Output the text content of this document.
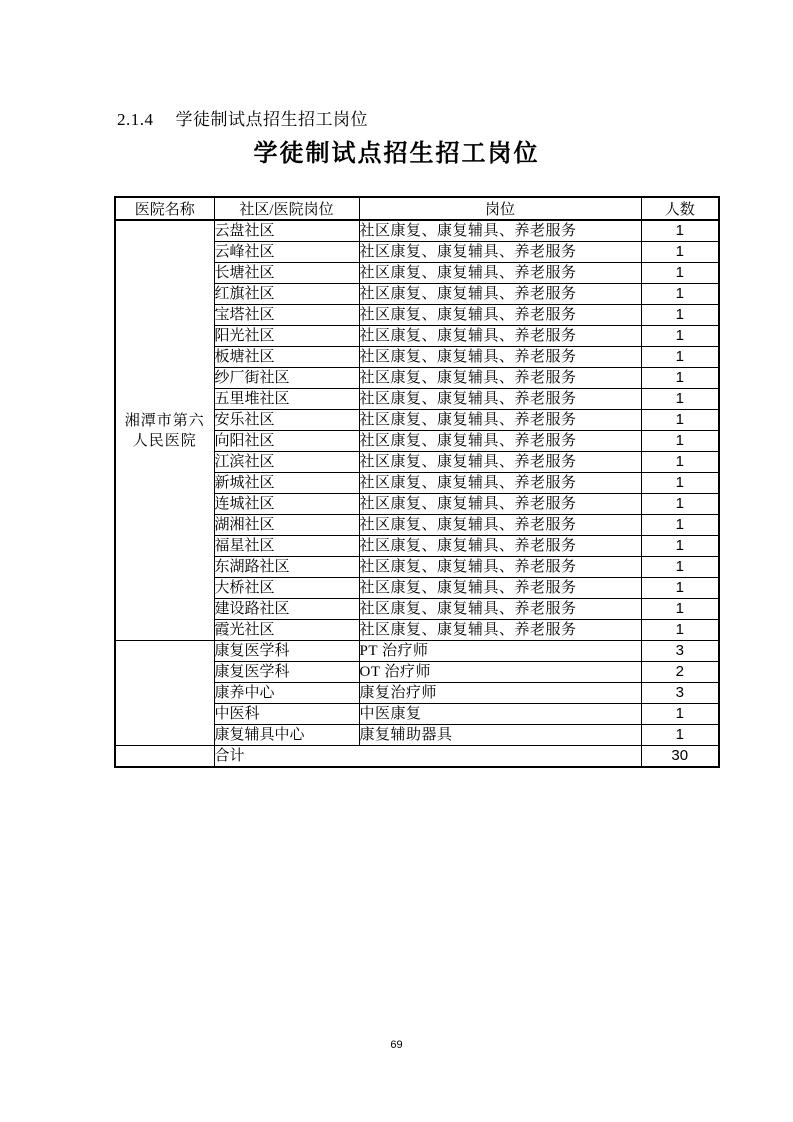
2.1.4 学徒制试点招生招工岗位
学徒制试点招生招工岗位
医院名称	社区/医院岗位	岗位	人数

湘潭市第六
人民医院	云盘社区	社区康复、康复辅具、养老服务	1
	云峰社区	社区康复、康复辅具、养老服务	1
	长塘社区	社区康复、康复辅具、养老服务	1
	红旗社区	社区康复、康复辅具、养老服务	1
	宝塔社区	社区康复、康复辅具、养老服务	1
	阳光社区	社区康复、康复辅具、养老服务	1
	板塘社区	社区康复、康复辅具、养老服务	1
	纱厂街社区	社区康复、康复辅具、养老服务	1
	五里堆社区	社区康复、康复辅具、养老服务	1
	安乐社区	社区康复、康复辅具、养老服务	1
	向阳社区	社区康复、康复辅具、养老服务	1
	江滨社区	社区康复、康复辅具、养老服务	1
	新城社区	社区康复、康复辅具、养老服务	1
	连城社区	社区康复、康复辅具、养老服务	1
	湖湘社区	社区康复、康复辅具、养老服务	1
	福星社区	社区康复、康复辅具、养老服务	1
	东湖路社区	社区康复、康复辅具、养老服务	1
	大桥社区	社区康复、康复辅具、养老服务	1
	建设路社区	社区康复、康复辅具、养老服务	1
	霞光社区	社区康复、康复辅具、养老服务	1
	康复医学科	PT 治疗师	3
	康复医学科	OT 治疗师	2
	康养中心	康复治疗师	3
	中医科	中医康复	1
	康复辅具中心	康复辅助器具	1
	合计		30
69
